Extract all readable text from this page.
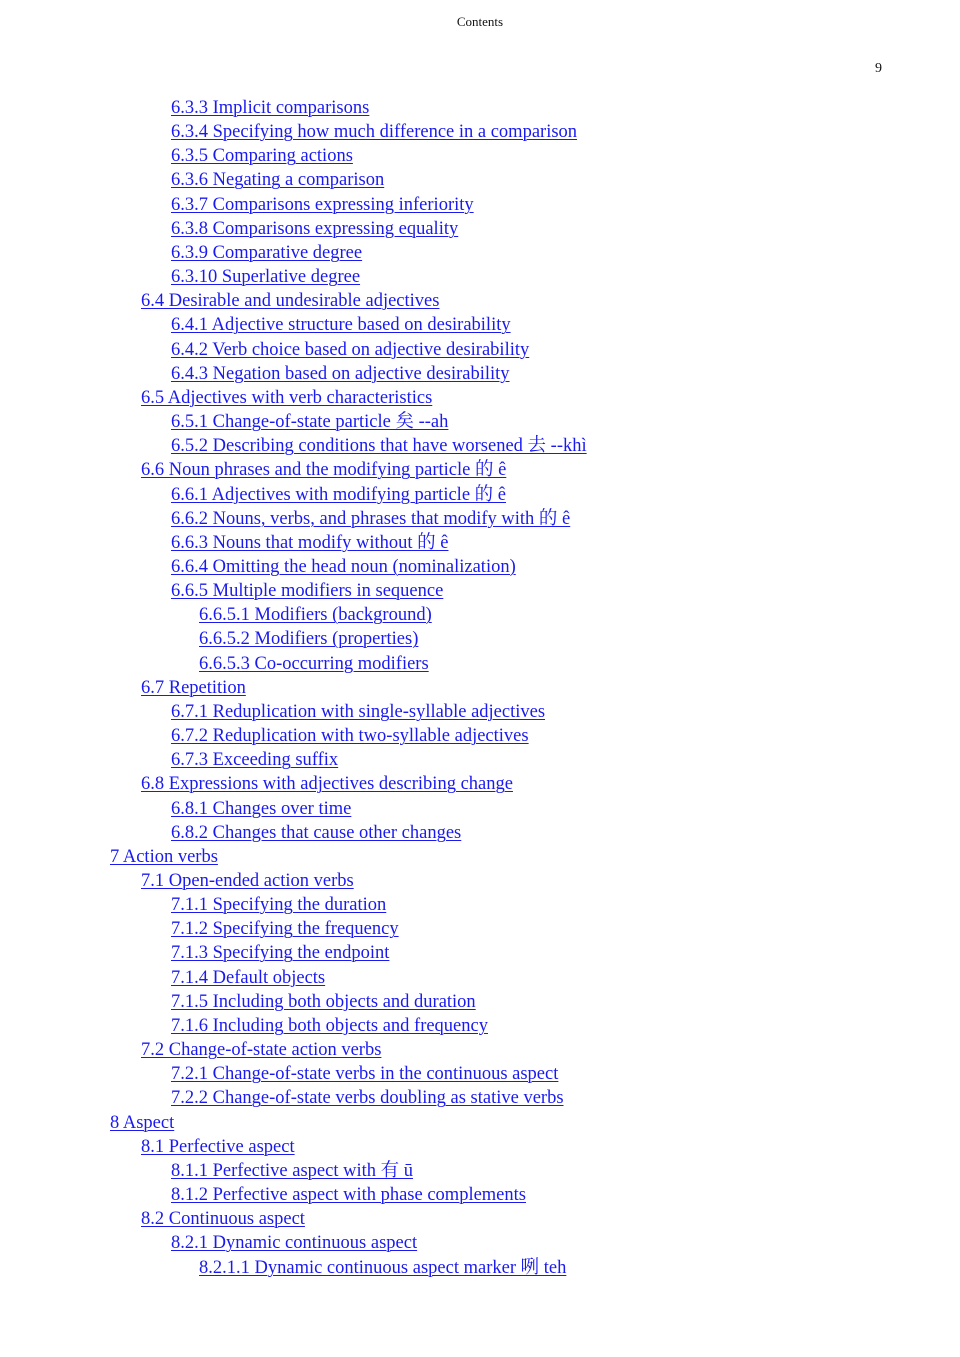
Contents
9
6.3.3 Implicit comparisons
6.3.4 Specifying how much difference in a comparison
6.3.5 Comparing actions
6.3.6 Negating a comparison
6.3.7 Comparisons expressing inferiority
6.3.8 Comparisons expressing equality
6.3.9 Comparative degree
6.3.10 Superlative degree
6.4 Desirable and undesirable adjectives
6.4.1 Adjective structure based on desirability
6.4.2 Verb choice based on adjective desirability
6.4.3 Negation based on adjective desirability
6.5 Adjectives with verb characteristics
6.5.1 Change-of-state particle 矣 --ah
6.5.2 Describing conditions that have worsened 去 --khì
6.6 Noun phrases and the modifying particle 的 ê
6.6.1 Adjectives with modifying particle 的 ê
6.6.2 Nouns, verbs, and phrases that modify with 的 ê
6.6.3 Nouns that modify without 的 ê
6.6.4 Omitting the head noun (nominalization)
6.6.5 Multiple modifiers in sequence
6.6.5.1 Modifiers (background)
6.6.5.2 Modifiers (properties)
6.6.5.3 Co-occurring modifiers
6.7 Repetition
6.7.1 Reduplication with single-syllable adjectives
6.7.2 Reduplication with two-syllable adjectives
6.7.3 Exceeding suffix
6.8 Expressions with adjectives describing change
6.8.1 Changes over time
6.8.2 Changes that cause other changes
7 Action verbs
7.1 Open-ended action verbs
7.1.1 Specifying the duration
7.1.2 Specifying the frequency
7.1.3 Specifying the endpoint
7.1.4 Default objects
7.1.5 Including both objects and duration
7.1.6 Including both objects and frequency
7.2 Change-of-state action verbs
7.2.1 Change-of-state verbs in the continuous aspect
7.2.2 Change-of-state verbs doubling as stative verbs
8 Aspect
8.1 Perfective aspect
8.1.1 Perfective aspect with 有 ū
8.1.2 Perfective aspect with phase complements
8.2 Continuous aspect
8.2.1 Dynamic continuous aspect
8.2.1.1 Dynamic continuous aspect marker 咧 teh
